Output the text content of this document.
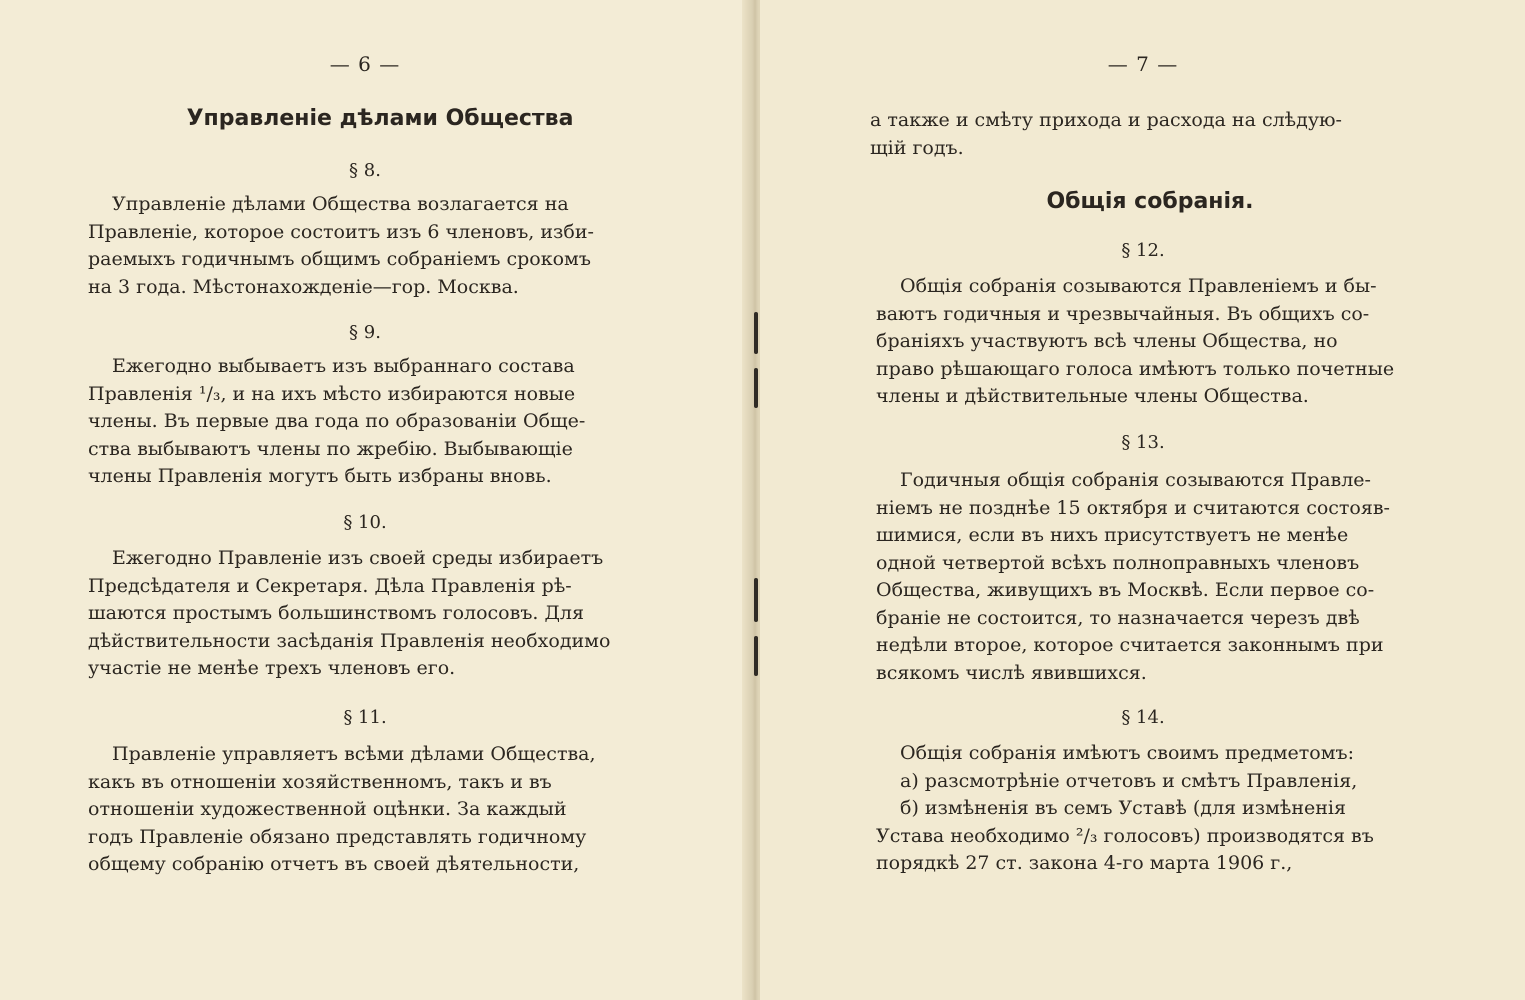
— 6 —
Управленіе дѣлами Общества
§ 8.
Управленіе дѣлами Общества возлагается на
Правленіе, которое состоитъ изъ 6 членовъ, изби-
раемыхъ годичнымъ общимъ собраніемъ срокомъ
на 3 года. Мѣстонахожденіе—гор. Москва.
§ 9.
Ежегодно выбываетъ изъ выбраннаго состава
Правленія ¹/₃, и на ихъ мѣсто избираются новые
члены. Въ первые два года по образованіи Обще-
ства выбываютъ члены по жребію. Выбывающіе
члены Правленія могутъ быть избраны вновь.
§ 10.
Ежегодно Правленіе изъ своей среды избираетъ
Предсѣдателя и Секретаря. Дѣла Правленія рѣ-
шаются простымъ большинствомъ голосовъ. Для
дѣйствительности засѣданія Правленія необходимо
участіе не менѣе трехъ членовъ его.
§ 11.
Правленіе управляетъ всѣми дѣлами Общества,
какъ въ отношеніи хозяйственномъ, такъ и въ
отношеніи художественной оцѣнки. За каждый
годъ Правленіе обязано представлять годичному
общему собранію отчетъ въ своей дѣятельности,
— 7 —
а также и смѣту прихода и расхода на слѣдую-
щій годъ.
Общія собранія.
§ 12.
Общія собранія созываются Правленіемъ и бы-
ваютъ годичныя и чрезвычайныя. Въ общихъ со-
браніяхъ участвуютъ всѣ члены Общества, но
право рѣшающаго голоса имѣютъ только почетные
члены и дѣйствительные члены Общества.
§ 13.
Годичныя общія собранія созываются Правле-
ніемъ не позднѣе 15 октября и считаются состояв-
шимися, если въ нихъ присутствуетъ не менѣе
одной четвертой всѣхъ полноправныхъ членовъ
Общества, живущихъ въ Москвѣ. Если первое со-
браніе не состоится, то назначается черезъ двѣ
недѣли второе, которое считается законнымъ при
всякомъ числѣ явившихся.
§ 14.
Общія собранія имѣютъ своимъ предметомъ:
а) разсмотрѣніе отчетовъ и смѣтъ Правленія,
б) измѣненія въ семъ Уставѣ (для измѣненія
Устава необходимо ²/₃ голосовъ) производятся въ
порядкѣ 27 ст. закона 4-го марта 1906 г.,
